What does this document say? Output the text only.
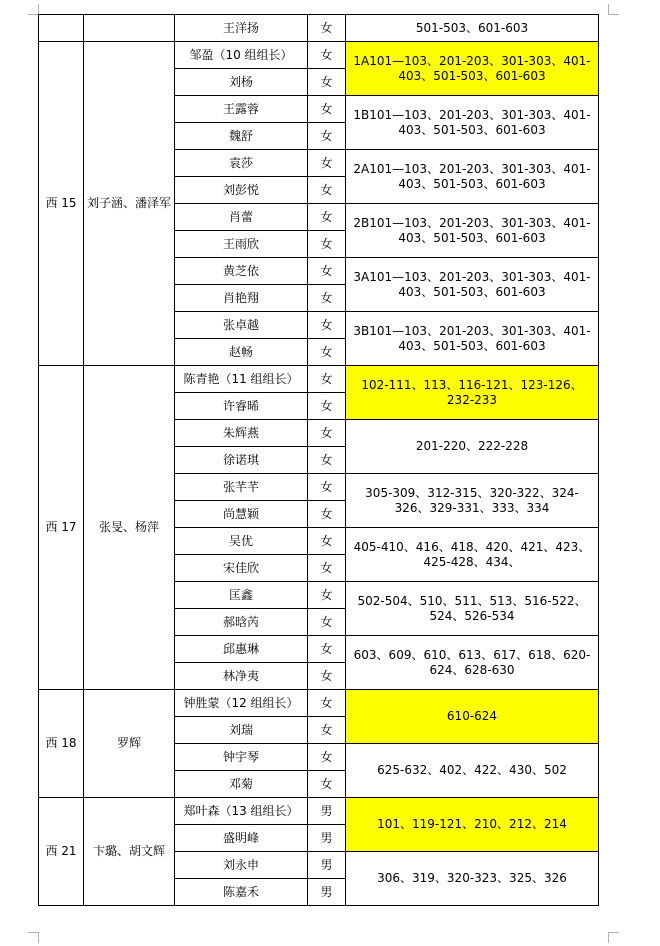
		王洋扬	女	501-503、601-603
西 15	刘子涵、潘泽军	邹盈（10 组组长）	女	1A101—103、201-203、301-303、401-403、501-503、601-603
		刘杨	女	
		王露蓉	女	1B101—103、201-203、301-303、401-403、501-503、601-603
		魏舒	女	
		袁莎	女	2A101—103、201-203、301-303、401-403、501-503、601-603
		刘彭悦	女	
		肖蕾	女	2B101—103、201-203、301-303、401-403、501-503、601-603
		王雨欣	女	
		黄芝依	女	3A101—103、201-203、301-303、401-403、501-503、601-603
		肖艳翔	女	
		张卓越	女	3B101—103、201-203、301-303、401-403、501-503、601-603
		赵畅	女	
西 17	张旻、杨萍	陈青艳（11 组组长）	女	102-111、113、116-121、123-126、232-233
		许睿晞	女	
		朱辉燕	女	201-220、222-228
		徐诺琪	女	
		张芊芊	女	305-309、312-315、320-322、324-326、329-331、333、334
		尚慧颖	女	
		吴优	女	405-410、416、418、420、421、423、425-428、434、
		宋佳欣	女	
		匡鑫	女	502-504、510、511、513、516-522、524、526-534
		郝晗芮	女	
		邱惠琳	女	603、609、610、613、617、618、620-624、628-630
		林净夷	女	
西 18	罗辉	钟胜蒙（12 组组长）	女	610-624
		刘瑞	女	
		钟宇琴	女	625-632、402、422、430、502
		邓菊	女	
西 21	卞璐、胡文辉	郑叶森（13 组组长）	男	101、119-121、210、212、214
		盛明峰	男	
		刘永申	男	306、319、320-323、325、326
		陈嘉禾	男	
